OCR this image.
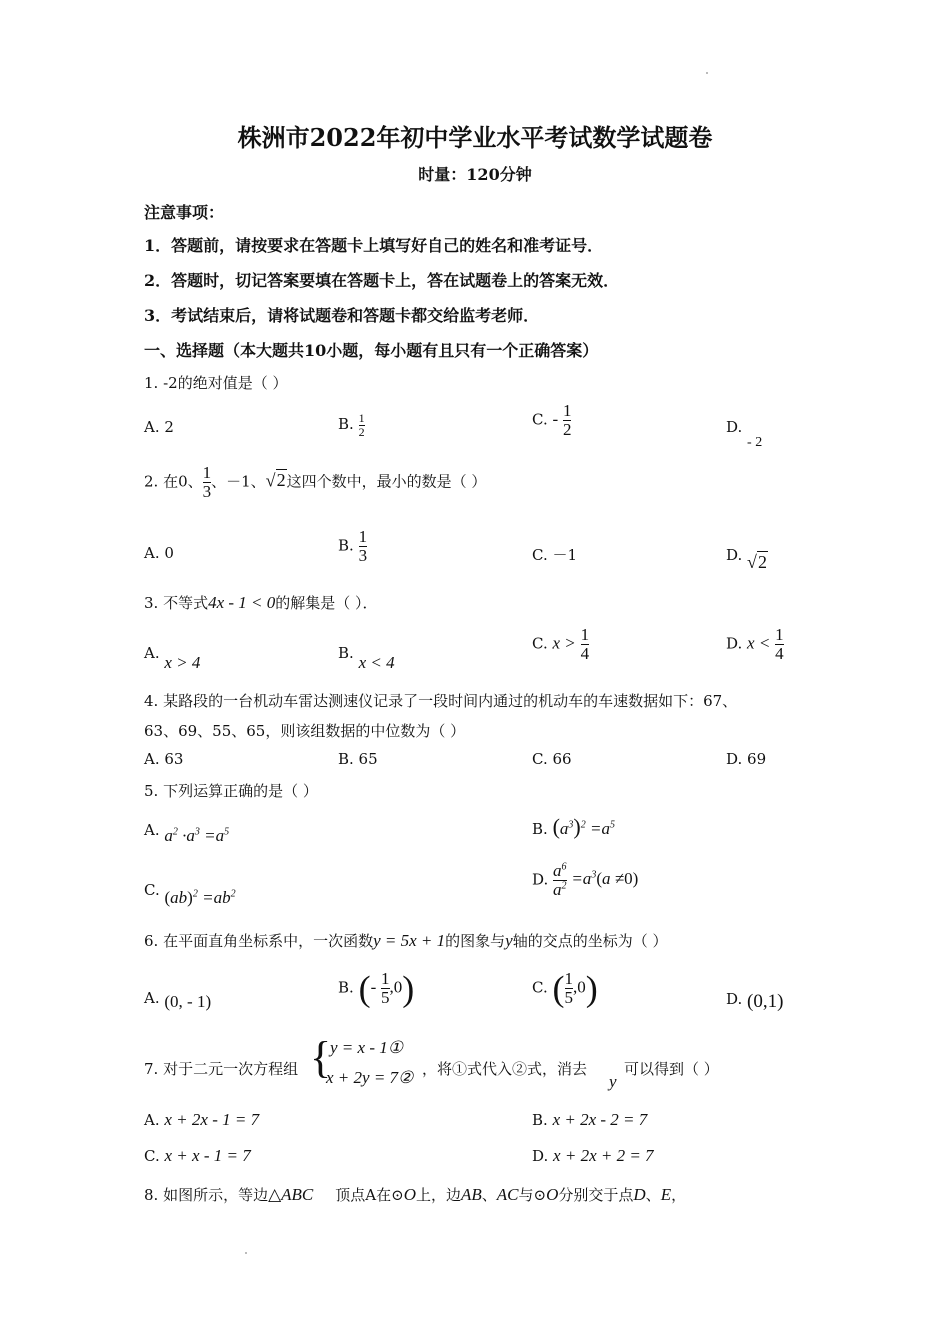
株洲市2022年初中学业水平考试数学试题卷
时量：120分钟
注意事项：
1．答题前，请按要求在答题卡上填写好自己的姓名和准考证号．
2．答题时，切记答案要填在答题卡上，答在试题卷上的答案无效．
3．考试结束后，请将试题卷和答题卡都交给监考老师．
一、选择题（本大题共10小题，每小题有且只有一个正确答案）
1. -2的绝对值是（ ）
A. 2	B. $\frac{1}{2}$	C. - $\frac{1}{2}$	D. - 2
2. 在0、 $\frac{1}{3}$ 、－1、√2这四个数中，最小的数是（ ）
A. 0	B. $\frac{1}{3}$	C. －1	D. √2
3. 不等式4x - 1 < 0的解集是（ ）．
A. x > 4	B. x < 4
C. $x > \frac{1}{4}$	D. $x < \frac{1}{4}$
4. 某路段的一台机动车雷达测速仪记录了一段时间内通过的机动车的车速数据如下：67、
63、69、55、65，则该组数据的中位数为（ ）
A. 63	B. 65	C. 66	D. 69
5. 下列运算正确的是（ ）
A. $a^2 \cdot a^3 =a^5$	B. $(a^3)^2 =a^5$
C. $(ab)^2 =ab^2$
D. $\frac{a^6}{a^2} =a^3(a \ne 0)$
6. 在平面直角坐标系中，一次函数y = 5x + 1的图象与y轴的交点的坐标为（ ）
A. (0, - 1)
B. (- $\frac{1}{5} ,0$)	C. ( $\frac{1}{5} ,0$)	D. (0,1)
7. 对于二元一次方程组 {
y = x - 1①
x + 2y = 7② ，将①式代入②式，消去
y
可以得到（ ）
A. x + 2x - 1 = 7	B. x + 2x - 2 = 7
C. x + x - 1 = 7	D. x + 2x + 2 = 7
8. 如图所示，等边△ABC 顶点A在⊙O上，边AB、AC与⊙O分别交于点D、E，
